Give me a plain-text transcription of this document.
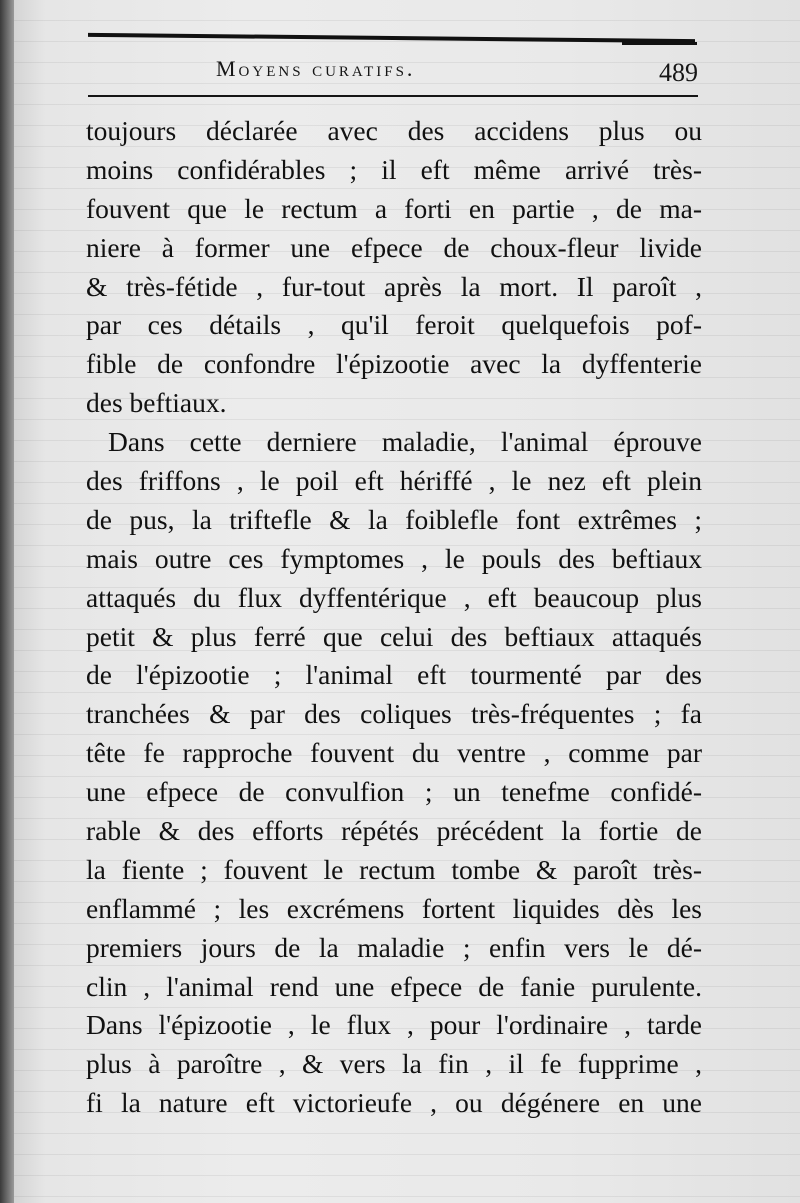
Moyens curatifs.	489
toujours déclarée avec des accidens plus ou
moins confidérables ; il eft même arrivé très-
fouvent que le rectum a forti en partie , de ma-
niere à former une efpece de choux-fleur livide
& très-fétide , fur-tout après la mort. Il paroît ,
par ces détails , qu'il feroit quelquefois pof-
fible de confondre l'épizootie avec la dyffenterie
des beftiaux.
Dans cette derniere maladie, l'animal éprouve
des friffons , le poil eft hériffé , le nez eft plein
de pus, la triftefle & la foiblefle font extrêmes ;
mais outre ces fymptomes , le pouls des beftiaux
attaqués du flux dyffentérique , eft beaucoup plus
petit & plus ferré que celui des beftiaux attaqués
de l'épizootie ; l'animal eft tourmenté par des
tranchées & par des coliques très-fréquentes ; fa
tête fe rapproche fouvent du ventre , comme par
une efpece de convulfion ; un tenefme confidé-
rable & des efforts répétés précédent la fortie de
la fiente ; fouvent le rectum tombe & paroît très-
enflammé ; les excrémens fortent liquides dès les
premiers jours de la maladie ; enfin vers le dé-
clin , l'animal rend une efpece de fanie purulente.
Dans l'épizootie , le flux , pour l'ordinaire , tarde
plus à paroître , & vers la fin , il fe fupprime ,
fi la nature eft victorieufe , ou dégénere en une
